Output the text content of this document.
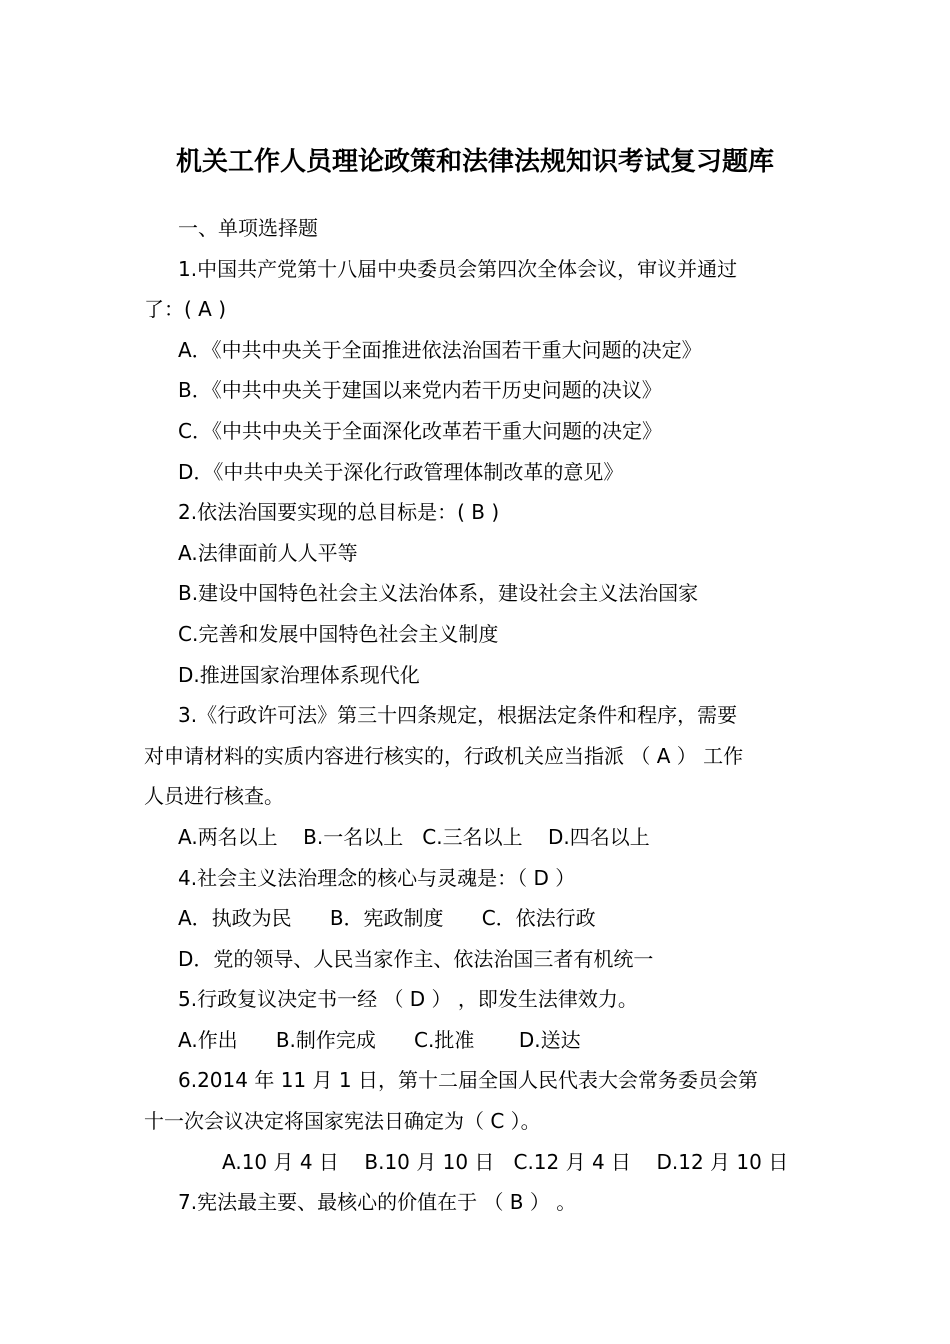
机关工作人员理论政策和法律法规知识考试复习题库

一、单项选择题

1.中国共产党第十八届中央委员会第四次全体会议，审议并通过

了：( A )

A．《中共中央关于全面推进依法治国若干重大问题的决定》

B．《中共中央关于建国以来党内若干历史问题的决议》

C．《中共中央关于全面深化改革若干重大问题的决定》

D．《中共中央关于深化行政管理体制改革的意见》

2.依法治国要实现的总目标是：( B )

A.法律面前人人平等

B.建设中国特色社会主义法治体系，建设社会主义法治国家

C.完善和发展中国特色社会主义制度

D.推进国家治理体系现代化

3.《行政许可法》第三十四条规定，根据法定条件和程序，需要

对申请材料的实质内容进行核实的，行政机关应当指派 （ A ） 工作

人员进行核查。

A.两名以上    B.一名以上   C.三名以上    D.四名以上

4.社会主义法治理念的核心与灵魂是：（ D ）

A．执政为民      B．宪政制度      C．依法行政

D．党的领导、人民当家作主、依法治国三者有机统一

5.行政复议决定书一经 （ D ） ，即发生法律效力。

A.作出      B.制作完成      C.批准       D.送达

6.2014 年 11 月 1 日，第十二届全国人民代表大会常务委员会第

十一次会议决定将国家宪法日确定为（ C ）。

A.10 月 4 日    B.10 月 10 日   C.12 月 4 日    D.12 月 10 日

7.宪法最主要、最核心的价值在于 （ B ） 。
